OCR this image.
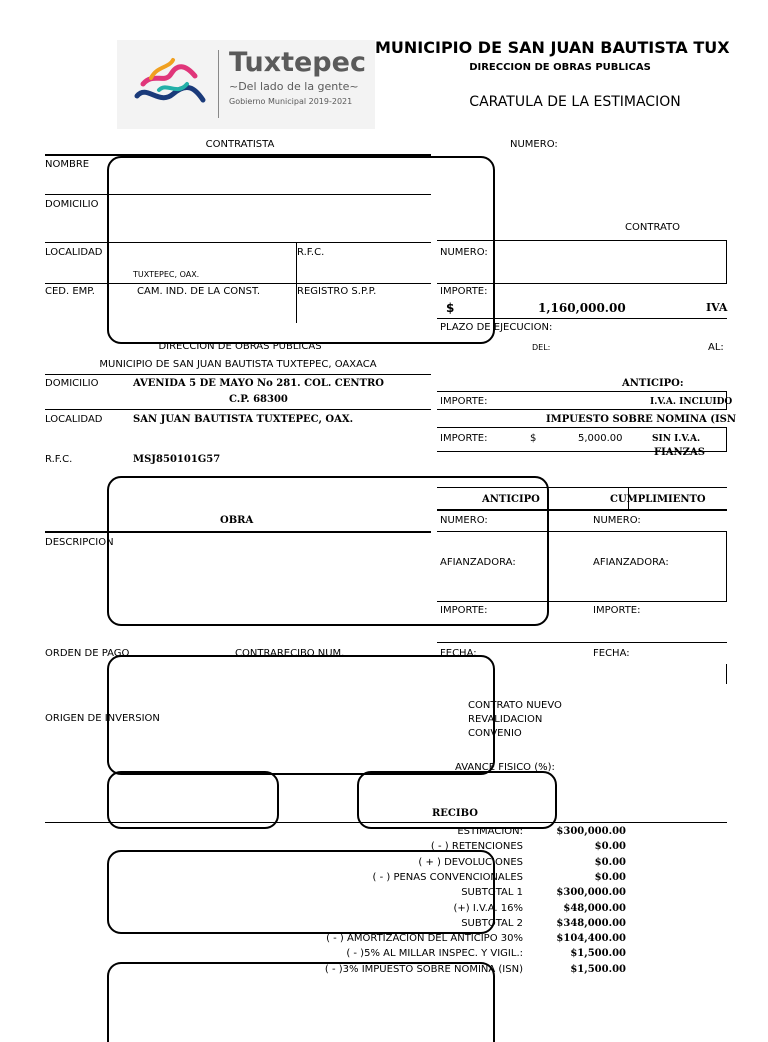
Tuxtepec
~Del lado de la gente~
Gobierno Municipal 2019-2021
MUNICIPIO DE SAN JUAN BAUTISTA TUX
DIRECCION DE OBRAS PUBLICAS
CARATULA DE LA ESTIMACION
CONTRATISTA	NUMERO:
NOMBRE
DOMICILIO
LOCALIDAD	R.F.C.
TUXTEPEC, OAX.
CED. EMP.	CAM. IND. DE LA CONST.	REGISTRO S.P.P.
CONTRATO
NUMERO:
IMPORTE:
$	1,160,000.00	IVA
PLAZO DE EJECUCION:
DEL:	AL:
DIRECCION DE OBRAS PUBLICAS
MUNICIPIO DE SAN JUAN BAUTISTA TUXTEPEC, OAXACA
DOMICILIO	AVENIDA 5 DE MAYO No 281. COL. CENTRO
C.P. 68300
LOCALIDAD	SAN JUAN BAUTISTA TUXTEPEC, OAX.
R.F.C.	MSJ850101G57
ANTICIPO:
IMPORTE:	I.V.A. INCLUIDO
IMPUESTO SOBRE NOMINA (ISN
IMPORTE:	$	5,000.00	SIN I.V.A.
FIANZAS
ANTICIPO	CUMPLIMIENTO
NUMERO:	NUMERO:
AFIANZADORA:	AFIANZADORA:
IMPORTE:	IMPORTE:
FECHA:	FECHA:
OBRA
DESCRIPCION
ORDEN DE PAGO	CONTRARECIBO NUM.
ORIGEN DE INVERSION
CONTRATO NUEVO
REVALIDACION
CONVENIO
AVANCE FISICO (%):
RECIBO
ESTIMACION:	$300,000.00
( - ) RETENCIONES	$0.00
( + ) DEVOLUCIONES	$0.00
( - ) PENAS CONVENCIONALES	$0.00
SUBTOTAL 1	$300,000.00
(+) I.V.A. 16%	$48,000.00
SUBTOTAL 2	$348,000.00
( - ) AMORTIZACION DEL ANTICIPO 30%	$104,400.00
( - )5% AL MILLAR INSPEC. Y VIGIL.:	$1,500.00
( - )3% IMPUESTO SOBRE NOMINA (ISN)	$1,500.00
